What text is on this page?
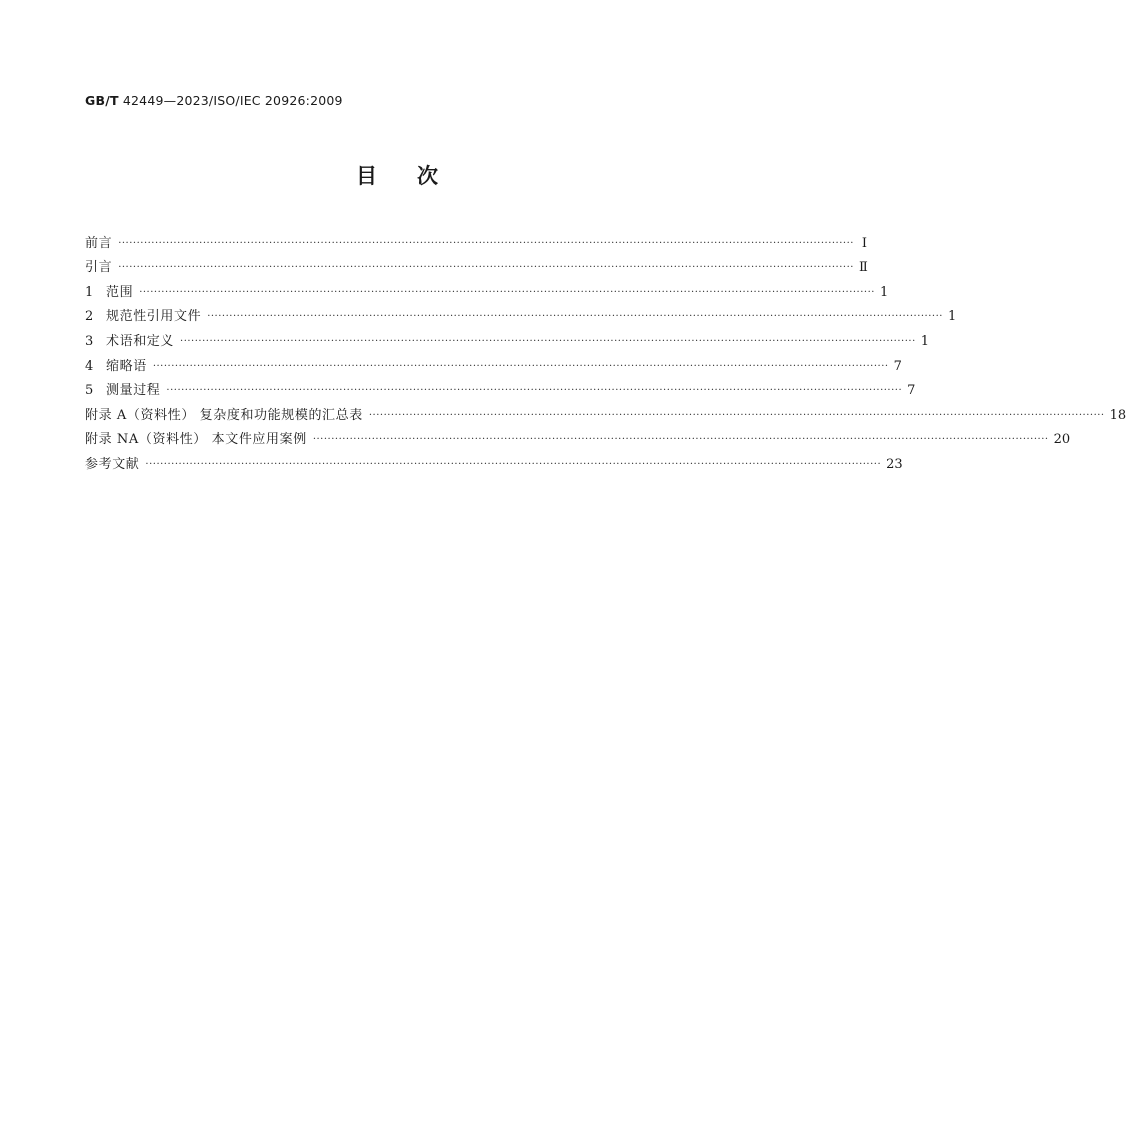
GB/T 42449—2023/ISO/IEC 20926:2009
目 次
前言 ········································································································································································································ Ⅰ
引言 ········································································································································································································ Ⅱ
1 范围 ········································································································································································································ 1
2 规范性引用文件 ········································································································································································································ 1
3 术语和定义 ········································································································································································································ 1
4 缩略语 ········································································································································································································ 7
5 测量过程 ········································································································································································································ 7
附录 A（资料性） 复杂度和功能规模的汇总表 ········································································································································································································ 18
附录 NA（资料性） 本文件应用案例 ········································································································································································································ 20
参考文献 ········································································································································································································ 23
